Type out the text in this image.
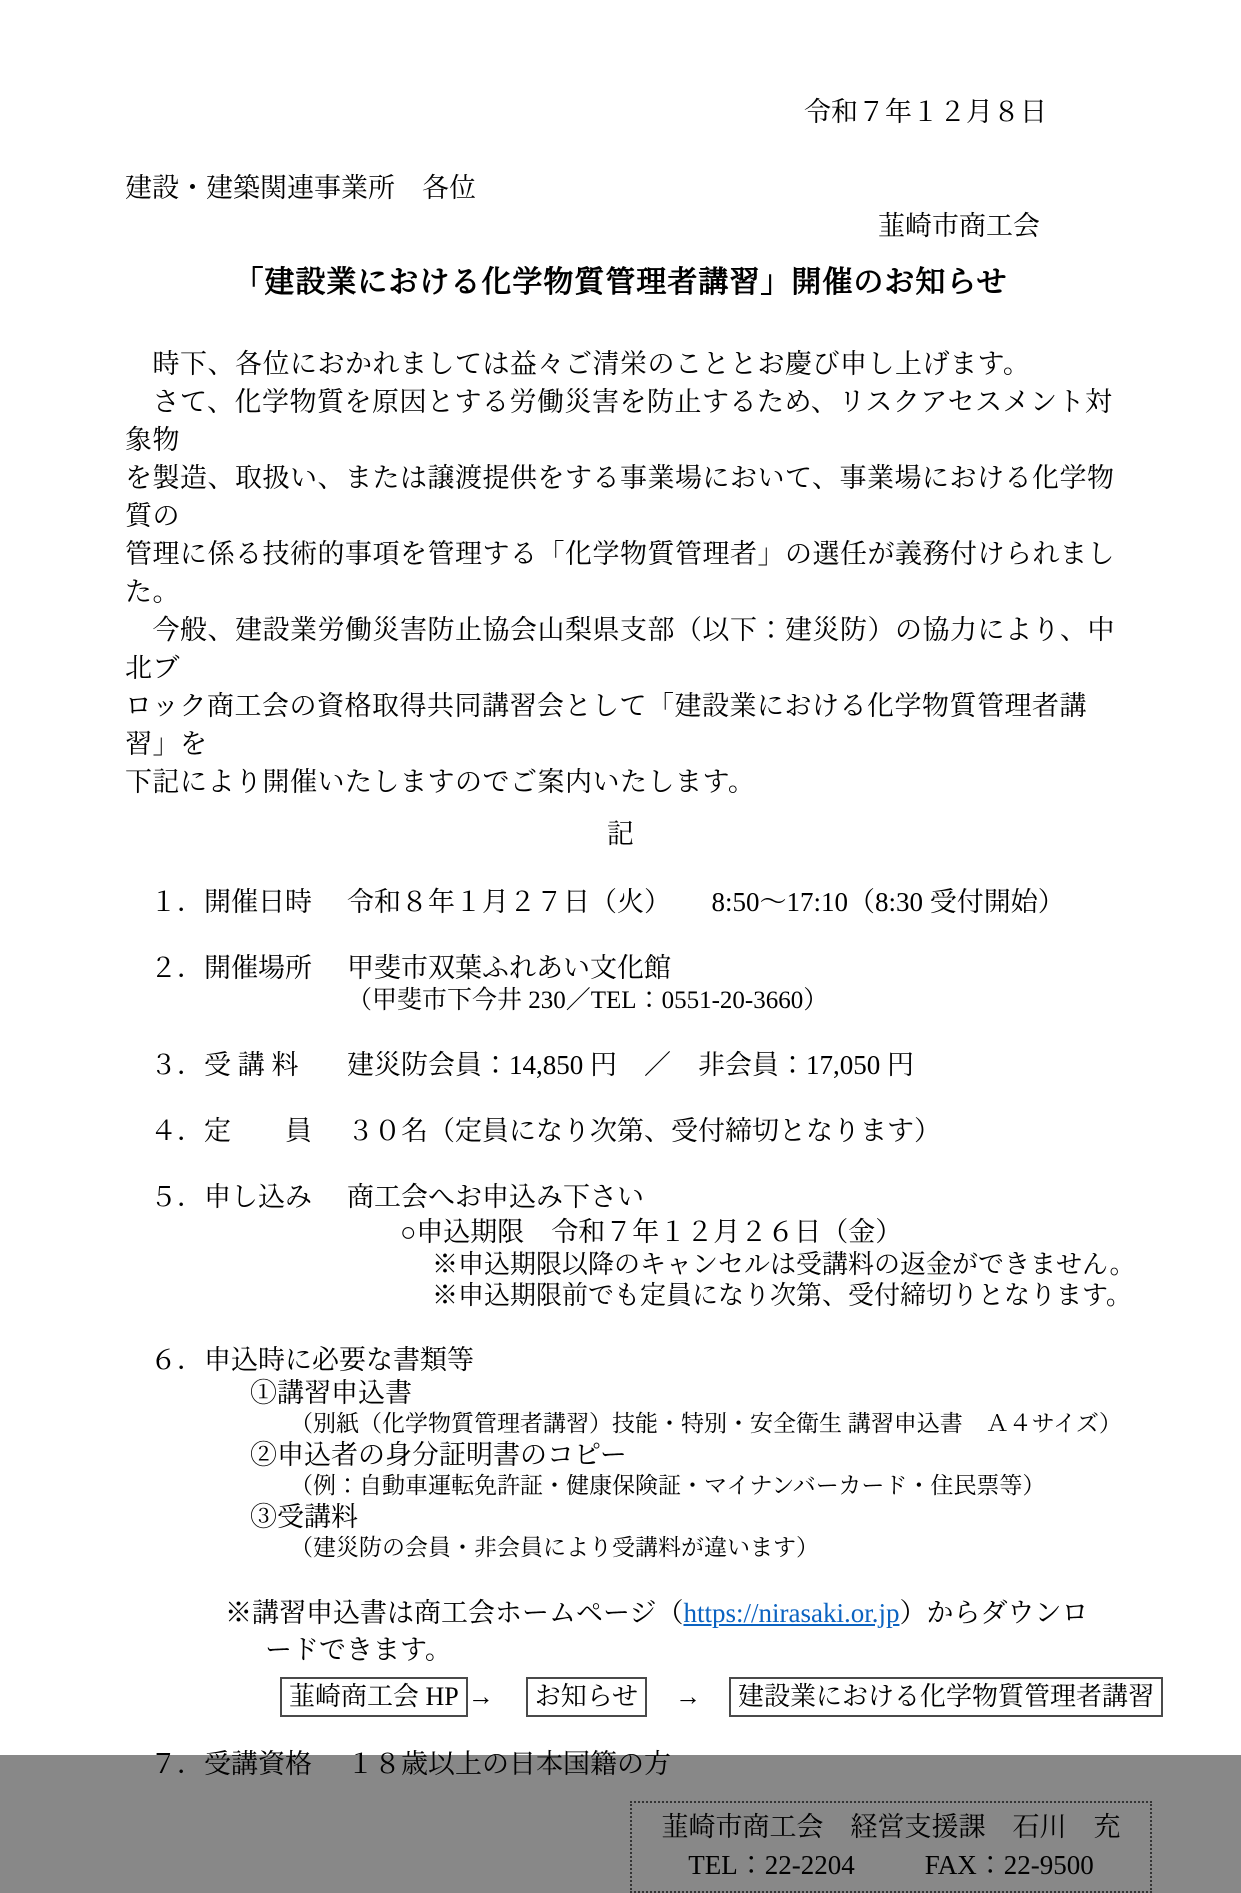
令和７年１２月８日
建設・建築関連事業所　各位
韮崎市商工会
「建設業における化学物質管理者講習」開催のお知らせ
　時下、各位におかれましては益々ご清栄のこととお慶び申し上げます。
　さて、化学物質を原因とする労働災害を防止するため、リスクアセスメント対象物
を製造、取扱い、または譲渡提供をする事業場において、事業場における化学物質の
管理に係る技術的事項を管理する「化学物質管理者」の選任が義務付けられました。
　今般、建設業労働災害防止協会山梨県支部（以下：建災防）の協力により、中北ブ
ロック商工会の資格取得共同講習会として「建設業における化学物質管理者講習」を
下記により開催いたしますのでご案内いたします。
記
１．開催日時	令和８年１月２７日（火）　　8:50～17:10（8:30 受付開始）
２．開催場所	甲斐市双葉ふれあい文化館
（甲斐市下今井 230／TEL：0551-20-3660）
３．受 講 料	建災防会員：14,850 円　／　非会員：17,050 円
４．定　　員	３０名（定員になり次第、受付締切となります）
５．申し込み	商工会へお申込み下さい
○申込期限　令和７年１２月２６日（金）
※申込期限以降のキャンセルは受講料の返金ができません。
※申込期限前でも定員になり次第、受付締切りとなります。
６．申込時に必要な書類等
①講習申込書
（別紙（化学物質管理者講習）技能・特別・安全衛生 講習申込書　Ａ４サイズ）
②申込者の身分証明書のコピー
（例：自動車運転免許証・健康保険証・マイナンバーカード・住民票等）
③受講料
（建災防の会員・非会員により受講料が違います）
※講習申込書は商工会ホームページ（https://nirasaki.or.jp）からダウンロ
ードできます。
韮崎商工会 HP → お知らせ → 建設業における化学物質管理者講習
７．受講資格	１８歳以上の日本国籍の方
韮崎市商工会　経営支援課　石川　充
TEL：22-2204	FAX：22-9500
